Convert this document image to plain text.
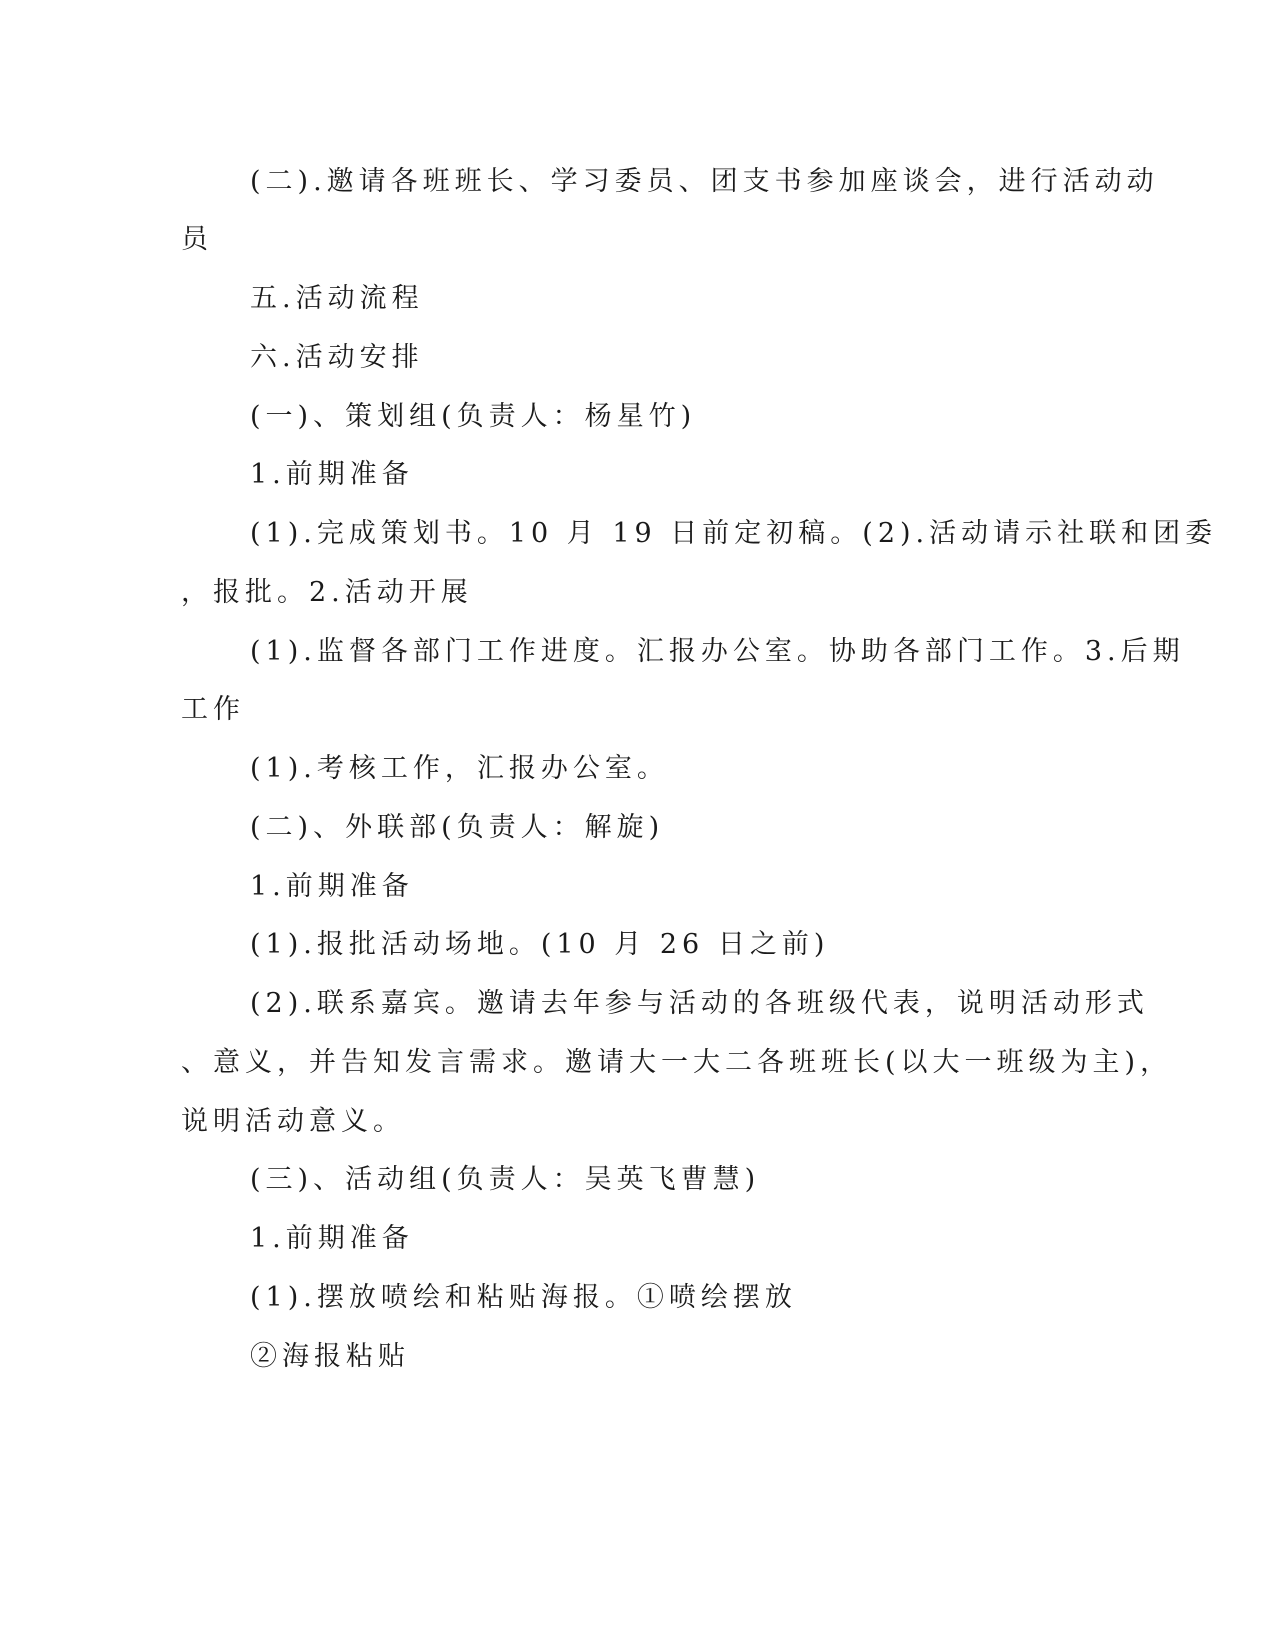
(二).邀请各班班长、学习委员、团支书参加座谈会，进行活动动
员
五.活动流程
六.活动安排
(一)、策划组(负责人：杨星竹)
1.前期准备
(1).完成策划书。10 月 19 日前定初稿。(2).活动请示社联和团委
，报批。2.活动开展
(1).监督各部门工作进度。汇报办公室。协助各部门工作。3.后期
工作
(1).考核工作，汇报办公室。
(二)、外联部(负责人：解旋)
1.前期准备
(1).报批活动场地。(10 月 26 日之前)
(2).联系嘉宾。邀请去年参与活动的各班级代表，说明活动形式
、意义，并告知发言需求。邀请大一大二各班班长(以大一班级为主)，
说明活动意义。
(三)、活动组(负责人：吴英飞曹慧)
1.前期准备
(1).摆放喷绘和粘贴海报。①喷绘摆放
②海报粘贴
